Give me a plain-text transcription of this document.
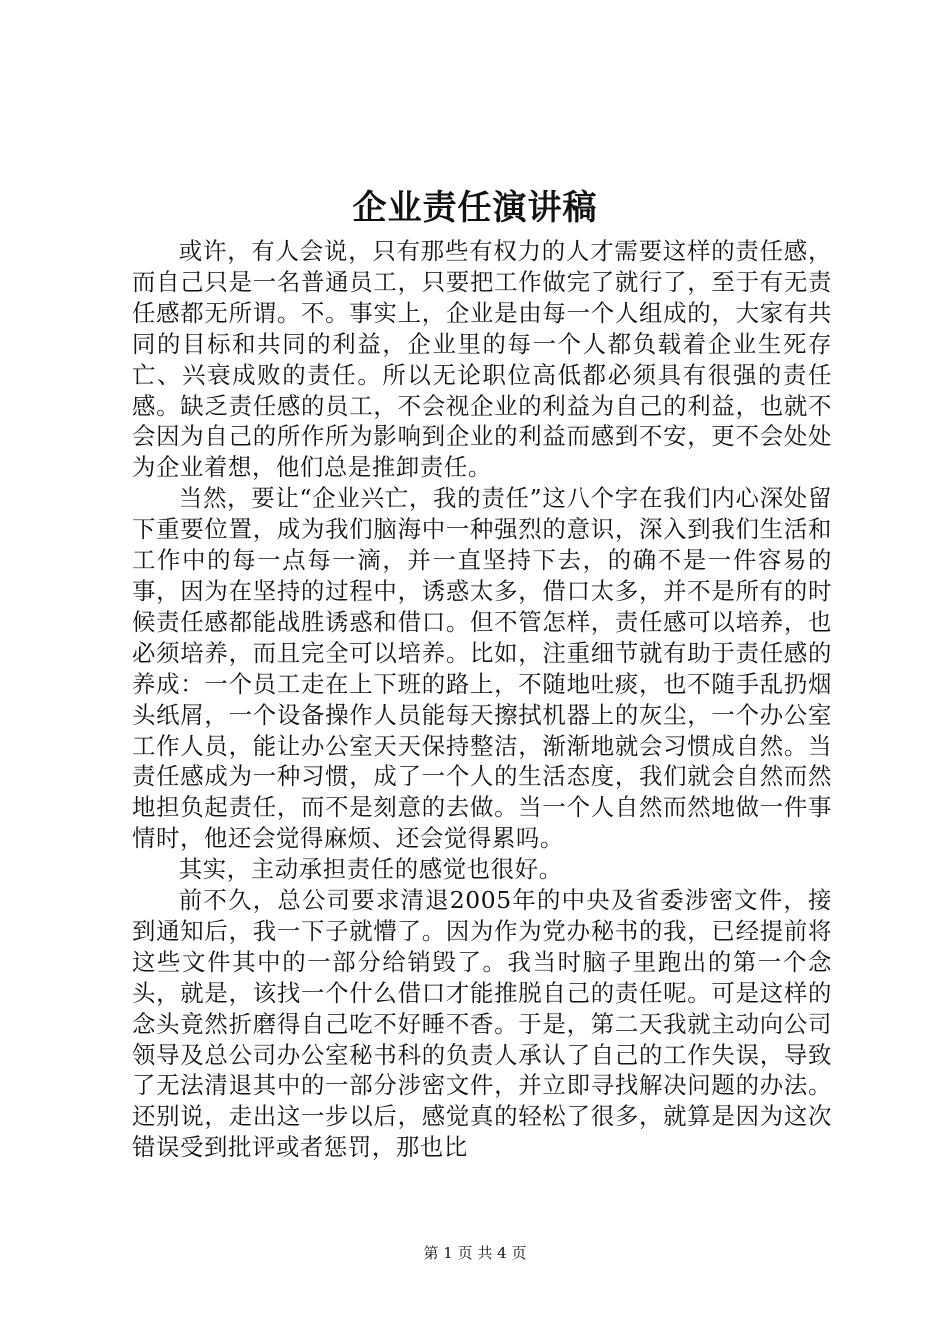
企业责任演讲稿

或许，有人会说，只有那些有权力的人才需要这样的责任感，而自己只是一名普通员工，只要把工作做完了就行了，至于有无责任感都无所谓。不。事实上，企业是由每一个人组成的，大家有共同的目标和共同的利益，企业里的每一个人都负载着企业生死存亡、兴衰成败的责任。所以无论职位高低都必须具有很强的责任感。缺乏责任感的员工，不会视企业的利益为自己的利益，也就不会因为自己的所作所为影响到企业的利益而感到不安，更不会处处为企业着想，他们总是推卸责任。

当然，要让“企业兴亡，我的责任”这八个字在我们内心深处留下重要位置，成为我们脑海中一种强烈的意识，深入到我们生活和工作中的每一点每一滴，并一直坚持下去，的确不是一件容易的事，因为在坚持的过程中，诱惑太多，借口太多，并不是所有的时候责任感都能战胜诱惑和借口。但不管怎样，责任感可以培养，也必须培养，而且完全可以培养。比如，注重细节就有助于责任感的养成：一个员工走在上下班的路上，不随地吐痰，也不随手乱扔烟头纸屑，一个设备操作人员能每天擦拭机器上的灰尘，一个办公室工作人员，能让办公室天天保持整洁，渐渐地就会习惯成自然。当责任感成为一种习惯，成了一个人的生活态度，我们就会自然而然地担负起责任，而不是刻意的去做。当一个人自然而然地做一件事情时，他还会觉得麻烦、还会觉得累吗。

其实，主动承担责任的感觉也很好。

前不久，总公司要求清退2005年的中央及省委涉密文件，接到通知后，我一下子就懵了。因为作为党办秘书的我，已经提前将这些文件其中的一部分给销毁了。我当时脑子里跑出的第一个念头，就是，该找一个什么借口才能推脱自己的责任呢。可是这样的念头竟然折磨得自己吃不好睡不香。于是，第二天我就主动向公司领导及总公司办公室秘书科的负责人承认了自己的工作失误，导致了无法清退其中的一部分涉密文件，并立即寻找解决问题的办法。还别说，走出这一步以后，感觉真的轻松了很多，就算是因为这次错误受到批评或者惩罚，那也比

第 1 页 共 4 页
